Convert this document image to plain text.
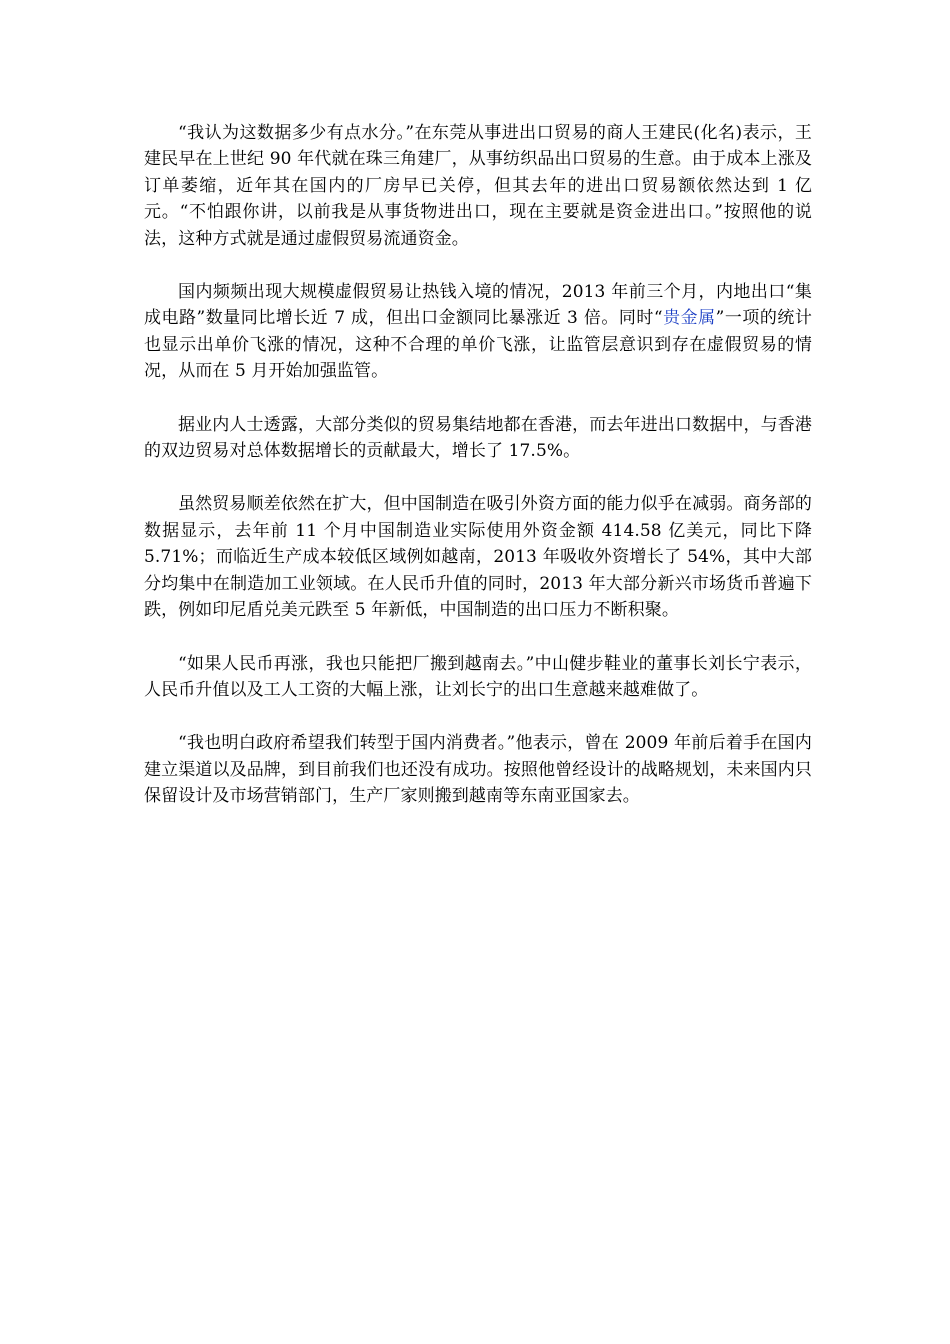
“我认为这数据多少有点水分。”在东莞从事进出口贸易的商人王建民(化名)表示，王建民早在上世纪 90 年代就在珠三角建厂，从事纺织品出口贸易的生意。由于成本上涨及订单萎缩，近年其在国内的厂房早已关停，但其去年的进出口贸易额依然达到 1 亿元。“不怕跟你讲，以前我是从事货物进出口，现在主要就是资金进出口。”按照他的说法，这种方式就是通过虚假贸易流通资金。

国内频频出现大规模虚假贸易让热钱入境的情况，2013 年前三个月，内地出口“集成电路”数量同比增长近 7 成，但出口金额同比暴涨近 3 倍。同时“贵金属”一项的统计也显示出单价飞涨的情况，这种不合理的单价飞涨，让监管层意识到存在虚假贸易的情况，从而在 5 月开始加强监管。

据业内人士透露，大部分类似的贸易集结地都在香港，而去年进出口数据中，与香港的双边贸易对总体数据增长的贡献最大，增长了 17.5%。

虽然贸易顺差依然在扩大，但中国制造在吸引外资方面的能力似乎在减弱。商务部的数据显示，去年前 11 个月中国制造业实际使用外资金额 414.58 亿美元，同比下降 5.71%；而临近生产成本较低区域例如越南，2013 年吸收外资增长了 54%，其中大部分均集中在制造加工业领域。在人民币升值的同时，2013 年大部分新兴市场货币普遍下跌，例如印尼盾兑美元跌至 5 年新低，中国制造的出口压力不断积聚。

“如果人民币再涨，我也只能把厂搬到越南去。”中山健步鞋业的董事长刘长宁表示，人民币升值以及工人工资的大幅上涨，让刘长宁的出口生意越来越难做了。

“我也明白政府希望我们转型于国内消费者。”他表示，曾在 2009 年前后着手在国内建立渠道以及品牌，到目前我们也还没有成功。按照他曾经设计的战略规划，未来国内只保留设计及市场营销部门，生产厂家则搬到越南等东南亚国家去。
